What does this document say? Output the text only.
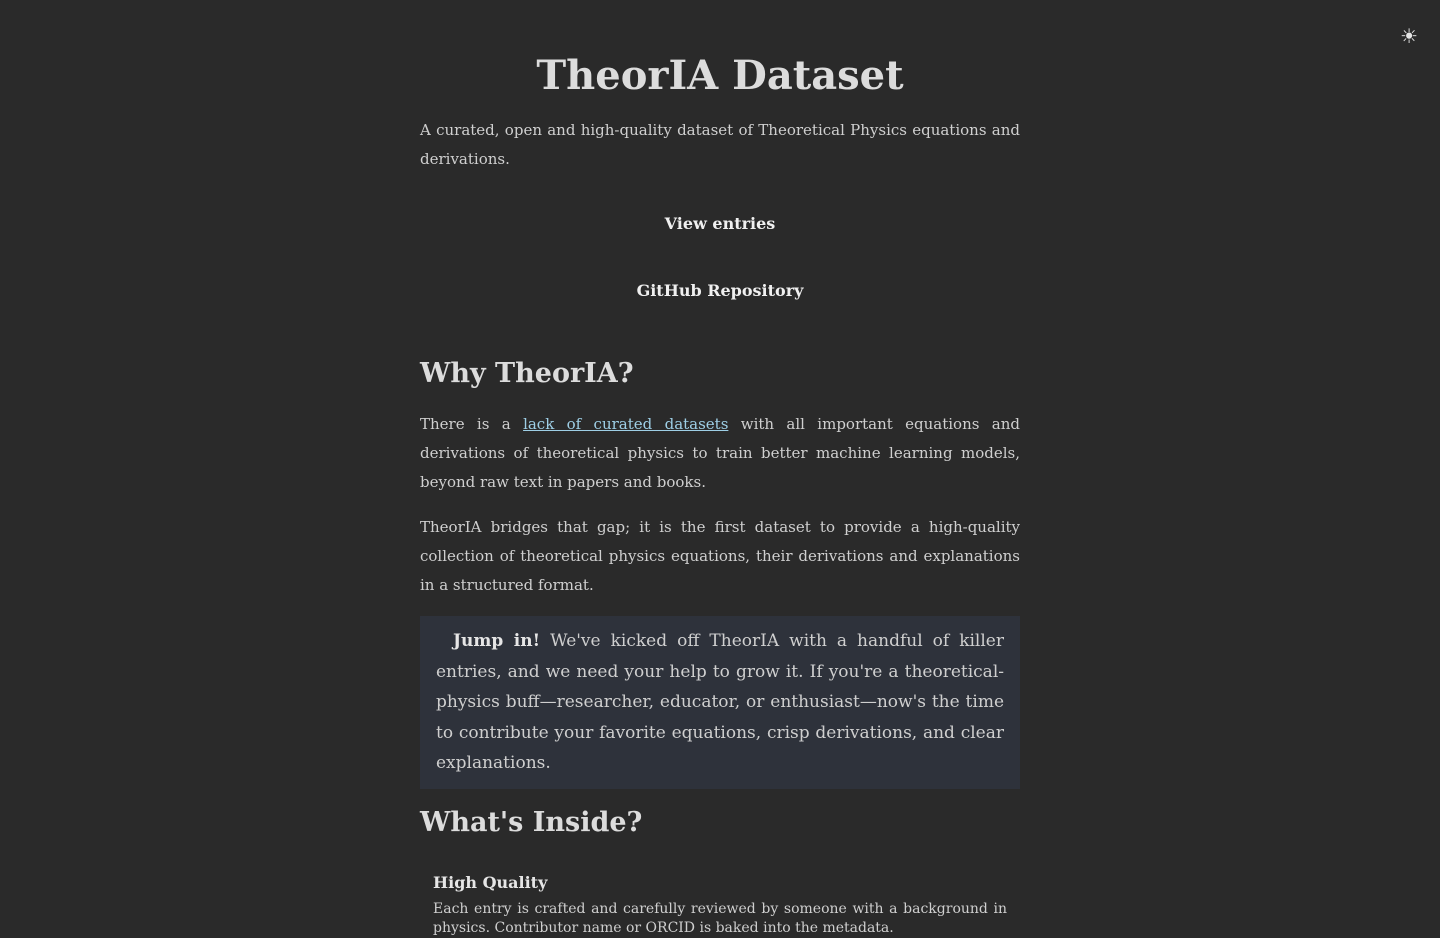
☀
TheorIA Dataset

A curated, open and high-quality dataset of Theoretical Physics equations and derivations.

View entries
GitHub Repository
Why TheorIA?

There is a lack of curated datasets with all important equations and derivations of theoretical physics to train better machine learning models, beyond raw text in papers and books.

TheorIA bridges that gap; it is the first dataset to provide a high-quality collection of theoretical physics equations, their derivations and explanations in a structured format.

Jump in! We've kicked off TheorIA with a handful of killer entries, and we need your help to grow it. If you're a theoretical-physics buff—researcher, educator, or enthusiast—now's the time to contribute your favorite equations, crisp derivations, and clear explanations.
What's Inside?
High Quality

Each entry is crafted and carefully reviewed by someone with a background in physics. Contributor name or ORCID is baked into the metadata.
